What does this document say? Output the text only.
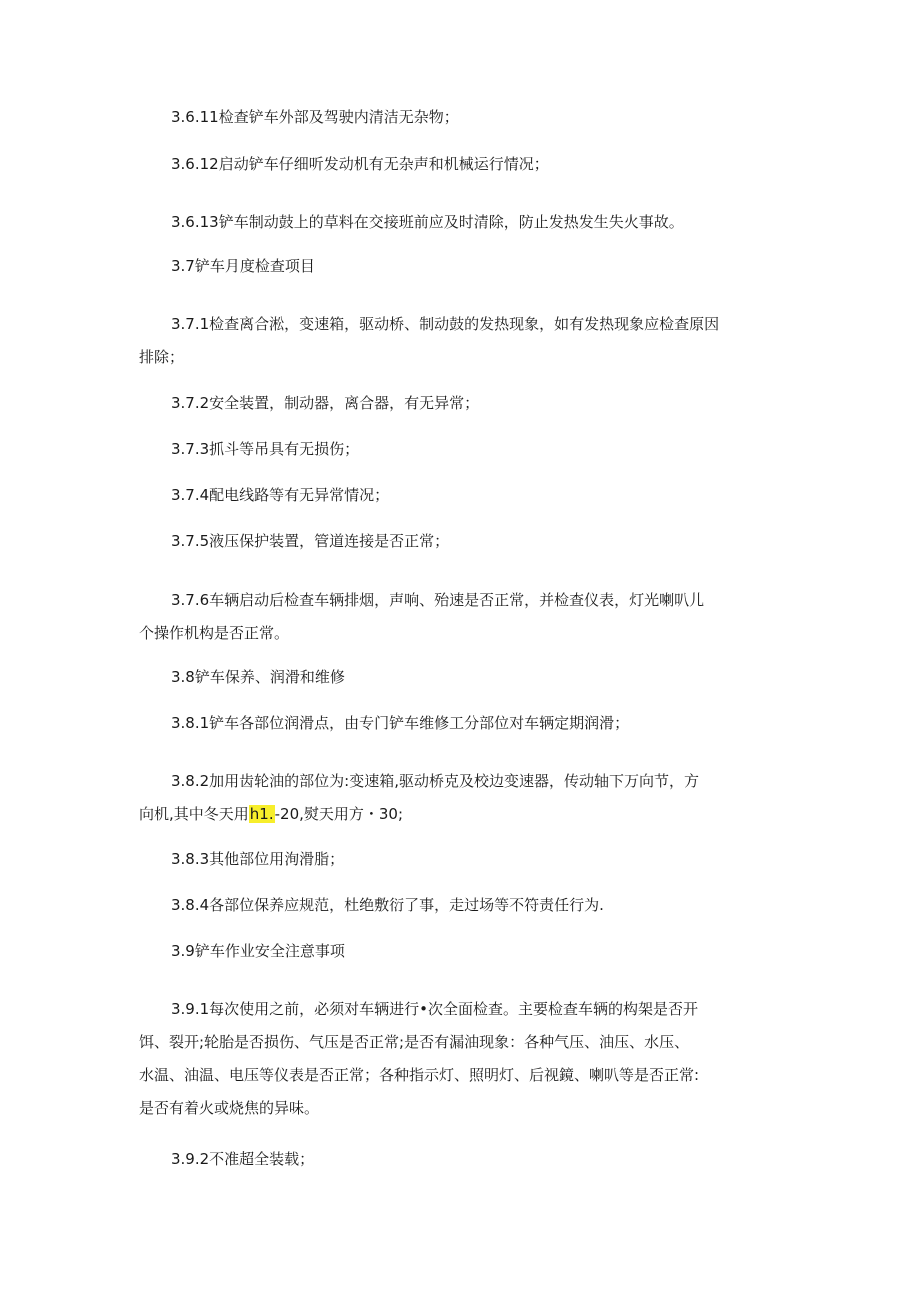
3.6.11检查铲车外部及驾驶内清洁无杂物；

3.6.12启动铲车仔细听发动机有无杂声和机械运行情况；

3.6.13铲车制动鼓上的草料在交接班前应及时清除，防止发热发生失火事故。

3.7铲车月度检查项目

3.7.1检查离合淞，变速箱，驱动桥、制动鼓的发热现象，如有发热现象应检查原因
排除；

3.7.2安全装置，制动器，离合器，有无异常；

3.7.3抓斗等吊具有无损伤；

3.7.4配电线路等有无异常情况；

3.7.5液压保护装置，管道连接是否正常；

3.7.6车辆启动后检查车辆排烟，声响、殆速是否正常，并检查仪表，灯光喇叭儿
个操作机构是否正常。

3.8铲车保养、润滑和维修

3.8.1铲车各部位润滑点，由专门铲车维修工分部位对车辆定期润滑；

3.8.2加用齿轮油的部位为:变速箱,驱动桥克及校边变速器，传动轴下万向节，方
向机,其中冬天用h1.-20,熨天用方・30;

3.8.3其他部位用洵滑脂；

3.8.4各部位保养应规范，杜绝敷衍了事，走过场等不符责任行为.

3.9铲车作业安全注意事项

3.9.1每次使用之前，必须对车辆进行•次全面检查。主要检查车辆的构架是否开
饵、裂开;轮胎是否损伤、气压是否正常;是否有漏油现象：各种气压、油压、水压、
水温、油温、电压等仪表是否正常；各种指示灯、照明灯、后视鏡、喇叭等是否正常:
是否有着火或烧焦的异味。

3.9.2不准超全装载；
